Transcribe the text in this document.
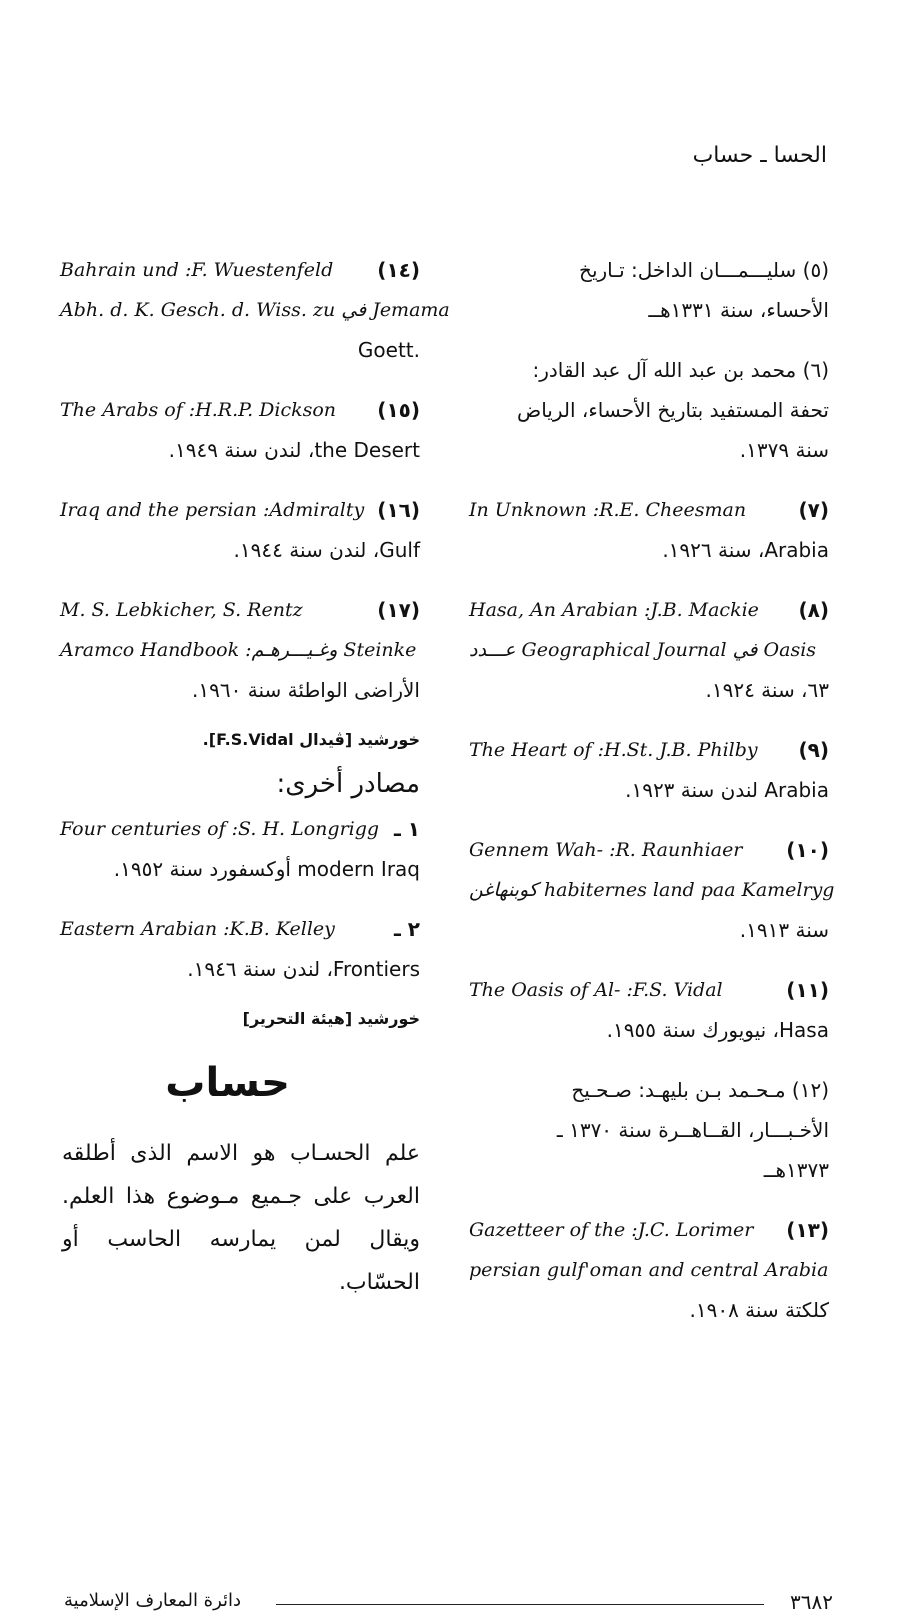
الحسا ـ حساب
(٥) سليـــمـــان الداخل: تـاريخ
الأحساء، سنة ١٣٣١هــ
(٦) محمد بن عبد الله آل عبد القادر:
تحفة المستفيد بتاريخ الأحساء، الرياض
سنة ١٣٧٩.
In Unknown :R.E. Cheesman	(٧)
Arabia، سنة ١٩٢٦.
Hasa, An Arabian :J.B. Mackie (٨)
عـــدد Geographical Journal في Oasis
٦٣، سنة ١٩٢٤.
The Heart of :H.St. J.B. Philby (٩)
Arabia لندن سنة ١٩٢٣.
Gennem Wah- :R. Raunhiaer (١٠)
كوبنهاغن habiternes land paa Kamelryg
سنة ١٩١٣.
The Oasis of Al- :F.S. Vidal	(١١)
Hasa، نيويورك سنة ١٩٥٥.
(١٢) مـحـمد بـن بليهـد: صـحـيح
الأخـبـــار، القــاهــرة سنة ١٣٧٠ ـ
١٣٧٣هــ
Gazetteer of the :J.C. Lorimer (١٣)
persian gulf'oman and central Arabia
كلكتة سنة ١٩٠٨.
Bahrain und :F. Wuestenfeld (١٤)
Abh. d. K. Gesch. d. Wiss. zu في Jemama
.Goett
The Arabs of :H.R.P. Dickson (١٥)
the Desert، لندن سنة ١٩٤٩.
Iraq and the persian :Admiralty (١٦)
Gulf، لندن سنة ١٩٤٤.
M. S. Lebkicher, S. Rentz	(١٧)
Aramco Handbook :وغـيـــرهـم Steinke
الأراضى الواطئة سنة ١٩٦٠.
خورشيد [ڤيدال F.S.Vidal].
مصادر أخرى:
Four centuries of :S. H. Longrigg ١ ـ
modern Iraq أوكسفورد سنة ١٩٥٢.
Eastern Arabian :K.B. Kelley	٢ ـ
Frontiers، لندن سنة ١٩٤٦.
خورشيد [هيئة التحرير]
حساب
علم الحسـاب هو الاسم الذى أطلقه العرب على جـميع مـوضوع هذا العلم. ويقال لمن يمارسه الحاسب أو الحسّاب.
دائرة المعارف الإسلامية	٣٦٨٢
